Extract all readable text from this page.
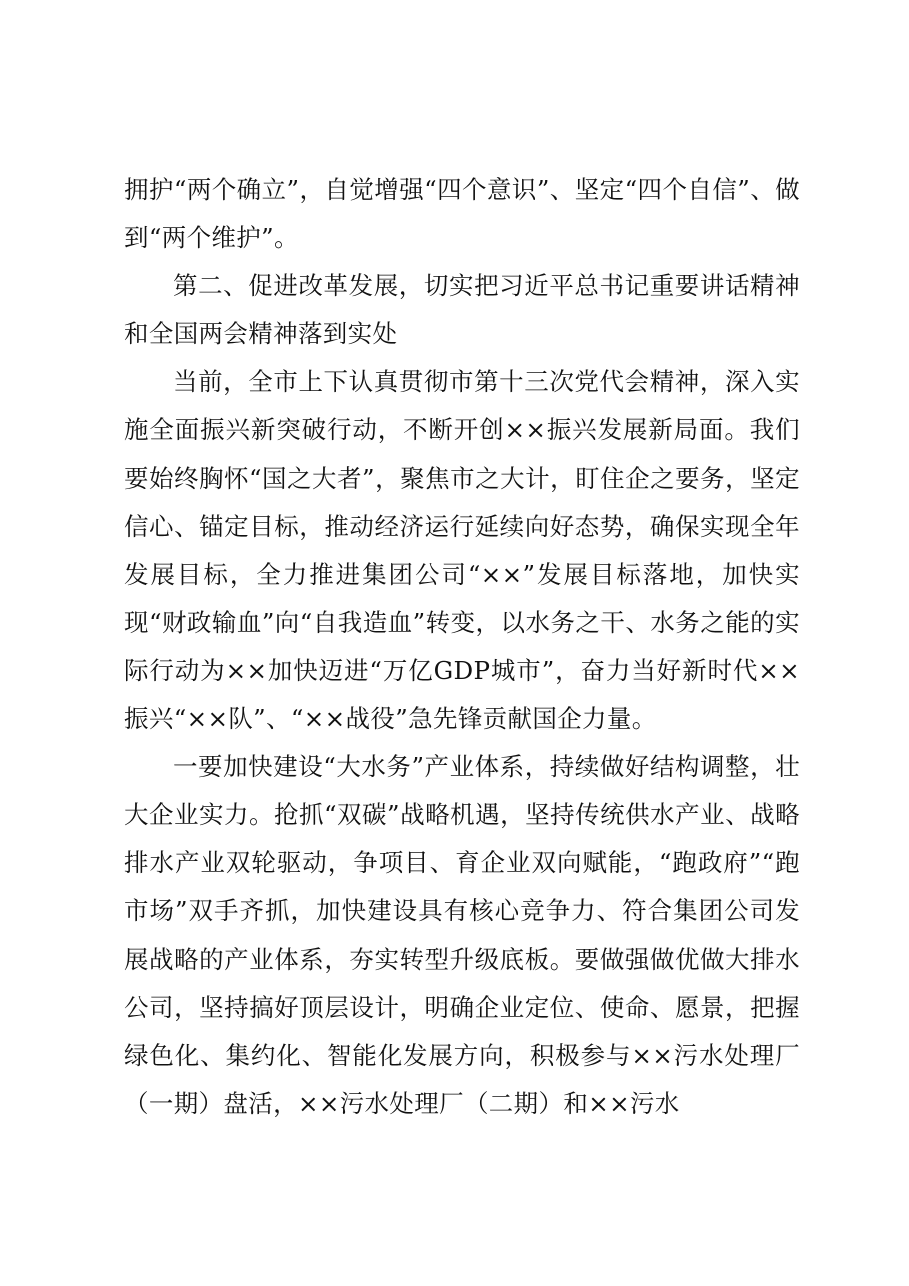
拥护“两个确立”，自觉增强“四个意识”、坚定“四个自信”、做到“两个维护”。

第二、促进改革发展，切实把习近平总书记重要讲话精神和全国两会精神落到实处

当前，全市上下认真贯彻市第十三次党代会精神，深入实施全面振兴新突破行动，不断开创××振兴发展新局面。我们要始终胸怀“国之大者”，聚焦市之大计，盯住企之要务，坚定信心、锚定目标，推动经济运行延续向好态势，确保实现全年发展目标，全力推进集团公司“××”发展目标落地，加快实现“财政输血”向“自我造血”转变，以水务之干、水务之能的实际行动为××加快迈进“万亿GDP城市”，奋力当好新时代××振兴“××队”、“××战役”急先锋贡献国企力量。

一要加快建设“大水务”产业体系，持续做好结构调整，壮大企业实力。抢抓“双碳”战略机遇，坚持传统供水产业、战略排水产业双轮驱动，争项目、育企业双向赋能，“跑政府”“跑市场”双手齐抓，加快建设具有核心竞争力、符合集团公司发展战略的产业体系，夯实转型升级底板。要做强做优做大排水公司，坚持搞好顶层设计，明确企业定位、使命、愿景，把握绿色化、集约化、智能化发展方向，积极参与××污水处理厂（一期）盘活，××污水处理厂（二期）和××污水
